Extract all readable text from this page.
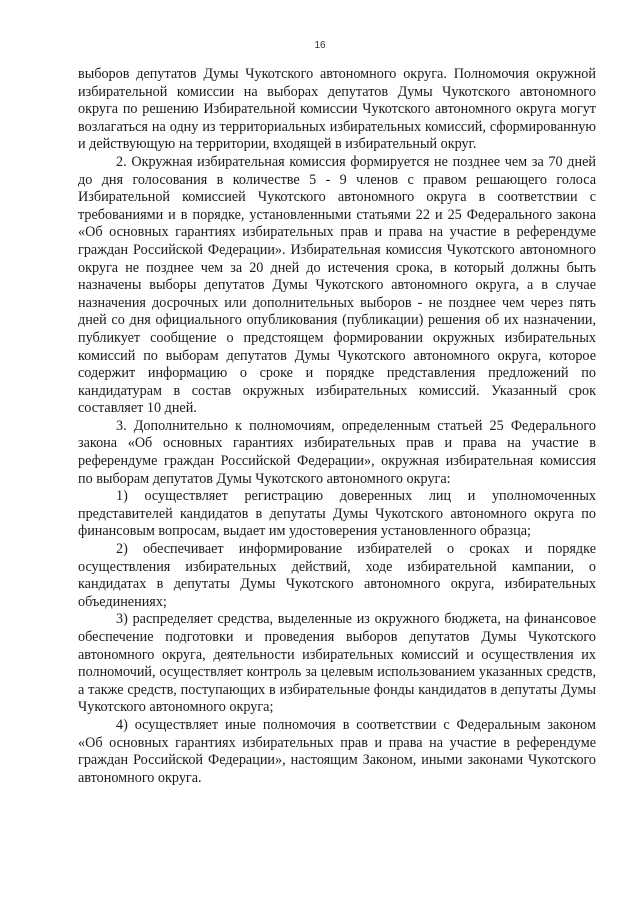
16

выборов депутатов Думы Чукотского автономного округа. Полномочия окружной избирательной комиссии на выборах депутатов Думы Чукотского автономного округа по решению Избирательной комиссии Чукотского автономного округа могут возлагаться на одну из территориальных избирательных комиссий, сформированную и действующую на территории, входящей в избирательный округ.

2. Окружная избирательная комиссия формируется не позднее чем за 70 дней до дня голосования в количестве 5 - 9 членов с правом решающего голоса Избирательной комиссией Чукотского автономного округа в соответствии с требованиями и в порядке, установленными статьями 22 и 25 Федерального закона «Об основных гарантиях избирательных прав и права на участие в референдуме граждан Российской Федерации». Избирательная комиссия Чукотского автономного округа не позднее чем за 20 дней до истечения срока, в который должны быть назначены выборы депутатов Думы Чукотского автономного округа, а в случае назначения досрочных или дополнительных выборов - не позднее чем через пять дней со дня официального опубликования (публикации) решения об их назначении, публикует сообщение о предстоящем формировании окружных избирательных комиссий по выборам депутатов Думы Чукотского автономного округа, которое содержит информацию о сроке и порядке представления предложений по кандидатурам в состав окружных избирательных комиссий. Указанный срок составляет 10 дней.

3. Дополнительно к полномочиям, определенным статьей 25 Федерального закона «Об основных гарантиях избирательных прав и права на участие в референдуме граждан Российской Федерации», окружная избирательная комиссия по выборам депутатов Думы Чукотского автономного округа:

1) осуществляет регистрацию доверенных лиц и уполномоченных представителей кандидатов в депутаты Думы Чукотского автономного округа по финансовым вопросам, выдает им удостоверения установленного образца;

2) обеспечивает информирование избирателей о сроках и порядке осуществления избирательных действий, ходе избирательной кампании, о кандидатах в депутаты Думы Чукотского автономного округа, избирательных объединениях;

3) распределяет средства, выделенные из окружного бюджета, на финансовое обеспечение подготовки и проведения выборов депутатов Думы Чукотского автономного округа, деятельности избирательных комиссий и осуществления их полномочий, осуществляет контроль за целевым использованием указанных средств, а также средств, поступающих в избирательные фонды кандидатов в депутаты Думы Чукотского автономного округа;

4) осуществляет иные полномочия в соответствии с Федеральным законом «Об основных гарантиях избирательных прав и права на участие в референдуме граждан Российской Федерации», настоящим Законом, иными законами Чукотского автономного округа.
